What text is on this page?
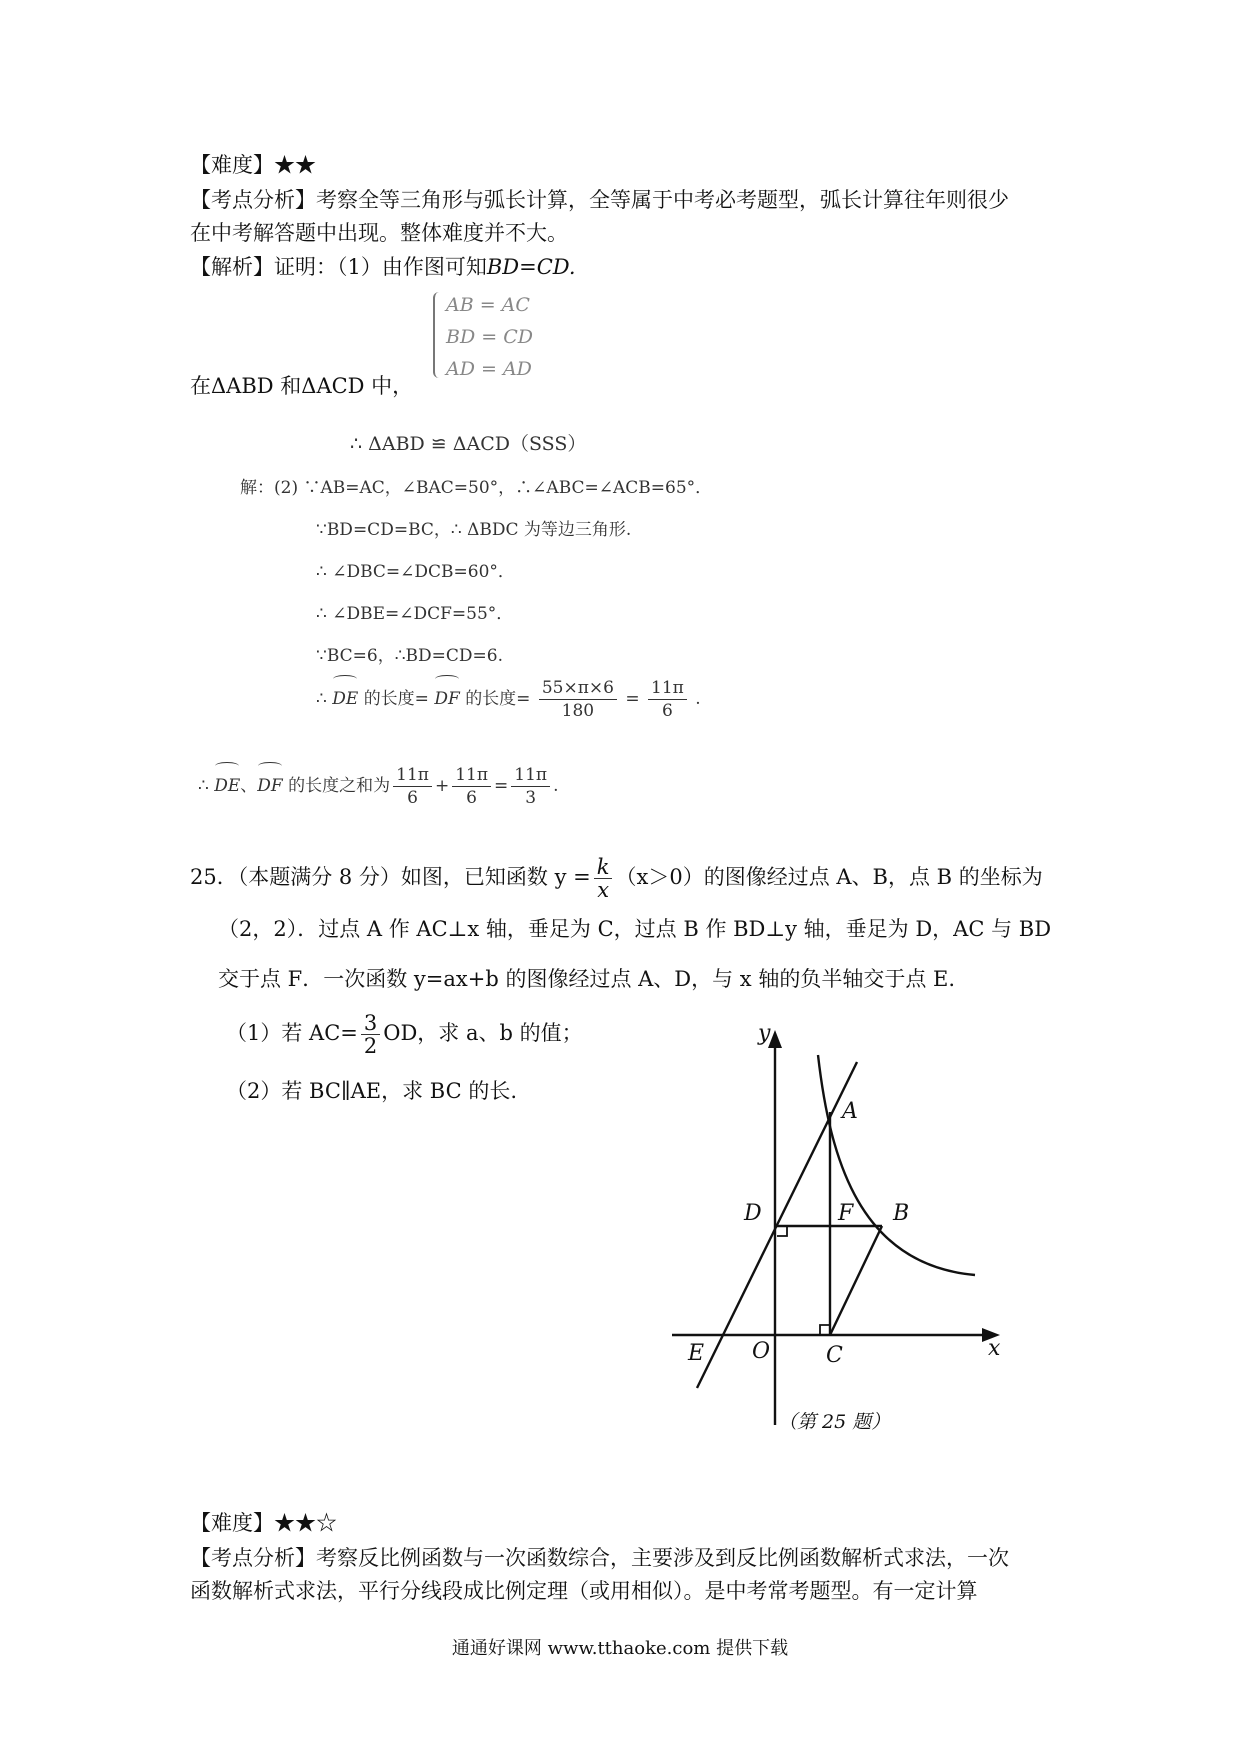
【难度】★★
【考点分析】考察全等三角形与弧长计算，全等属于中考必考题型，弧长计算往年则很少
在中考解答题中出现。整体难度并不大。
【解析】证明：（1）由作图可知BD=CD.
AB = AC
BD = CD
AD = AD
在ΔABD 和ΔACD 中，
∴ ΔABD ≌ ΔACD（SSS）
解：(2) ∵AB=AC，∠BAC=50°，∴∠ABC=∠ACB=65°．
∵BD=CD=BC，∴ ΔBDC 为等边三角形.
∴ ∠DBC=∠DCB=60°．
∴ ∠DBE=∠DCF=55°．
∵BC=6，∴BD=CD=6.
∴ DE 的长度= DF 的长度= $\frac{55\times\pi\times 6}{180} = \frac{11\pi}{6}$ .
∴ DE、DF 的长度之和为 $\frac{11\pi}{6} + \frac{11\pi}{6} = \frac{11\pi}{3}$ .
25．（本题满分 8 分）如图，已知函数 $y = \frac{k}{x} (x>0)$的图像经过点 A、B，点 B 的坐标为
（2，2）．过点 A 作 AC⊥x 轴，垂足为 C，过点 B 作 BD⊥y 轴，垂足为 D，AC 与 BD
交于点 F．一次函数 y=ax+b 的图像经过点 A、D，与 x 轴的负半轴交于点 E.
（1）若 $AC= \frac{3}{2}$ OD，求 a、b 的值；
（2）若 BC∥AE，求 BC 的长.
y
x
A
B
C
D
E
F
O
（第 25 题）
【难度】★★☆
【考点分析】考察反比例函数与一次函数综合，主要涉及到反比例函数解析式求法，一次
函数解析式求法，平行分线段成比例定理（或用相似）。是中考常考题型。有一定计算
通通好课网 www.tthaoke.com 提供下载
